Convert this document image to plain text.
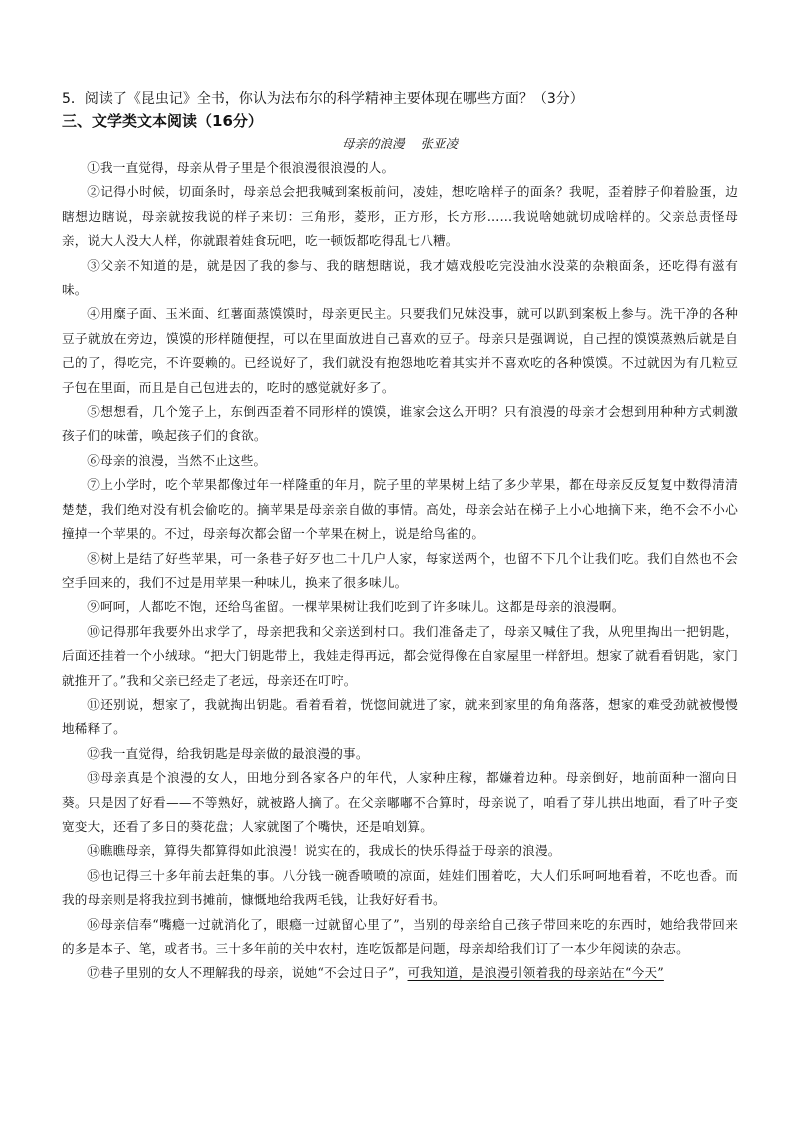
5．阅读了《昆虫记》全书，你认为法布尔的科学精神主要体现在哪些方面？（3分）

三、文学类文本阅读（16分）

母亲的浪漫 张亚凌

①我一直觉得，母亲从骨子里是个很浪漫很浪漫的人。

②记得小时候，切面条时，母亲总会把我喊到案板前问，凌娃，想吃啥样子的面条？我呢，歪着脖子仰着脸蛋，边瞎想边瞎说，母亲就按我说的样子来切：三角形，菱形，正方形，长方形……我说啥她就切成啥样的。父亲总责怪母亲，说大人没大人样，你就跟着娃食玩吧，吃一顿饭都吃得乱七八糟。

③父亲不知道的是，就是因了我的参与、我的瞎想瞎说，我才嬉戏般吃完没油水没菜的杂粮面条，还吃得有滋有味。

④用糜子面、玉米面、红薯面蒸馍馍时，母亲更民主。只要我们兄妹没事，就可以趴到案板上参与。洗干净的各种豆子就放在旁边，馍馍的形样随便捏，可以在里面放进自己喜欢的豆子。母亲只是强调说，自己捏的馍馍蒸熟后就是自己的了，得吃完，不许耍赖的。已经说好了，我们就没有抱怨地吃着其实并不喜欢吃的各种馍馍。不过就因为有几粒豆子包在里面，而且是自己包进去的，吃时的感觉就好多了。

⑤想想看，几个笼子上，东倒西歪着不同形样的馍馍，谁家会这么开明？只有浪漫的母亲才会想到用种种方式刺激孩子们的味蕾，唤起孩子们的食欲。

⑥母亲的浪漫，当然不止这些。

⑦上小学时，吃个苹果都像过年一样隆重的年月，院子里的苹果树上结了多少苹果，都在母亲反反复复中数得清清楚楚，我们绝对没有机会偷吃的。摘苹果是母亲亲自做的事情。高处，母亲会站在梯子上小心地摘下来，绝不会不小心撞掉一个苹果的。不过，母亲每次都会留一个苹果在树上，说是给鸟雀的。

⑧树上是结了好些苹果，可一条巷子好歹也二十几户人家，每家送两个，也留不下几个让我们吃。我们自然也不会空手回来的，我们不过是用苹果一种味儿，换来了很多味儿。

⑨呵呵，人都吃不饱，还给鸟雀留。一棵苹果树让我们吃到了许多味儿。这都是母亲的浪漫啊。

⑩记得那年我要外出求学了，母亲把我和父亲送到村口。我们准备走了，母亲又喊住了我，从兜里掏出一把钥匙，后面还挂着一个小绒球。“把大门钥匙带上，我娃走得再远，都会觉得像在自家屋里一样舒坦。想家了就看看钥匙，家门就推开了。”我和父亲已经走了老远，母亲还在叮咛。

⑪还别说，想家了，我就掏出钥匙。看着看着，恍惚间就进了家，就来到家里的角角落落，想家的难受劲就被慢慢地稀释了。

⑫我一直觉得，给我钥匙是母亲做的最浪漫的事。

⑬母亲真是个浪漫的女人，田地分到各家各户的年代，人家种庄稼，都嫌着边种。母亲倒好，地前面种一溜向日葵。只是因了好看——不等熟好，就被路人摘了。在父亲嘟嘟不合算时，母亲说了，咱看了芽儿拱出地面，看了叶子变宽变大，还看了多日的葵花盘；人家就图了个嘴快，还是咱划算。

⑭瞧瞧母亲，算得失都算得如此浪漫！说实在的，我成长的快乐得益于母亲的浪漫。

⑮也记得三十多年前去赶集的事。八分钱一碗香喷喷的凉面，娃娃们围着吃，大人们乐呵呵地看着，不吃也香。而我的母亲则是将我拉到书摊前，慷慨地给我两毛钱，让我好好看书。

⑯母亲信奉“嘴瘾一过就消化了，眼瘾一过就留心里了”，当别的母亲给自己孩子带回来吃的东西时，她给我带回来的多是本子、笔，或者书。三十多年前的关中农村，连吃饭都是问题，母亲却给我们订了一本少年阅读的杂志。

⑰巷子里别的女人不理解我的母亲，说她“不会过日子”，可我知道，是浪漫引领着我的母亲站在“今天”
